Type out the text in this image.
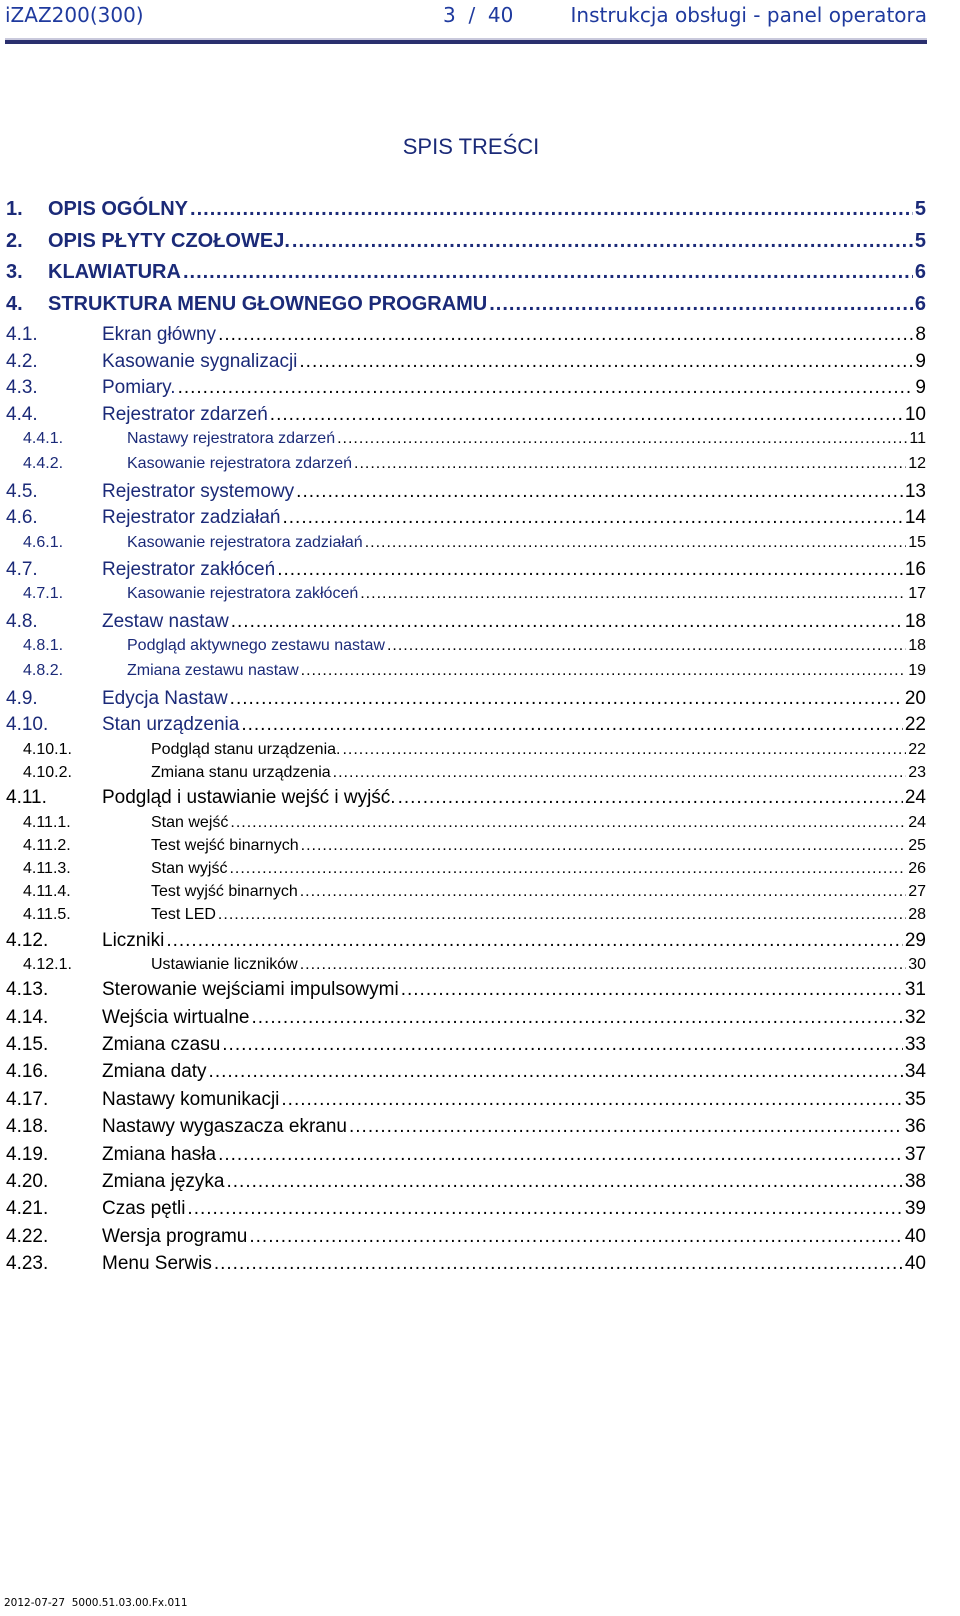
iZAZ200(300)	3 / 40	Instrukcja obsługi - panel operatora
SPIS TREŚCI
1.	OPIS OGÓLNY .....	5
2.	OPIS PŁYTY CZOŁOWEJ. .....	5
3.	KLAWIATURA .....	6
4.	STRUKTURA MENU GŁOWNEGO PROGRAMU .....	6
4.1.	Ekran główny .....	8
4.2.	Kasowanie sygnalizacji .....	9
4.3.	Pomiary. .....	9
4.4.	Rejestrator zdarzeń .....	10
4.4.1.	Nastawy rejestratora zdarzeń .....	11
4.4.2.	Kasowanie rejestratora zdarzeń .....	12
4.5.	Rejestrator systemowy .....	13
4.6.	Rejestrator zadziałań .....	14
4.6.1.	Kasowanie rejestratora zadziałań .....	15
4.7.	Rejestrator zakłóceń .....	16
4.7.1.	Kasowanie rejestratora zakłóceń .....	17
4.8.	Zestaw nastaw .....	18
4.8.1.	Podgląd aktywnego zestawu nastaw .....	18
4.8.2.	Zmiana zestawu nastaw .....	19
4.9.	Edycja Nastaw .....	20
4.10.	Stan urządzenia .....	22
4.10.1.	Podgląd stanu urządzenia. .....	22
4.10.2.	Zmiana stanu urządzenia .....	23
4.11.	Podgląd i ustawianie wejść i wyjść. .....	24
4.11.1.	Stan wejść .....	24
4.11.2.	Test wejść binarnych .....	25
4.11.3.	Stan wyjść .....	26
4.11.4.	Test wyjść binarnych .....	27
4.11.5.	Test LED .....	28
4.12.	Liczniki .....	29
4.12.1.	Ustawianie liczników .....	30
4.13.	Sterowanie wejściami impulsowymi .....	31
4.14.	Wejścia wirtualne .....	32
4.15.	Zmiana czasu .....	33
4.16.	Zmiana daty .....	34
4.17.	Nastawy komunikacji .....	35
4.18.	Nastawy wygaszacza ekranu .....	36
4.19.	Zmiana hasła .....	37
4.20.	Zmiana języka .....	38
4.21.	Czas pętli .....	39
4.22.	Wersja programu .....	40
4.23.	Menu Serwis .....	40
2012-07-27 5000.51.03.00.Fx.011
